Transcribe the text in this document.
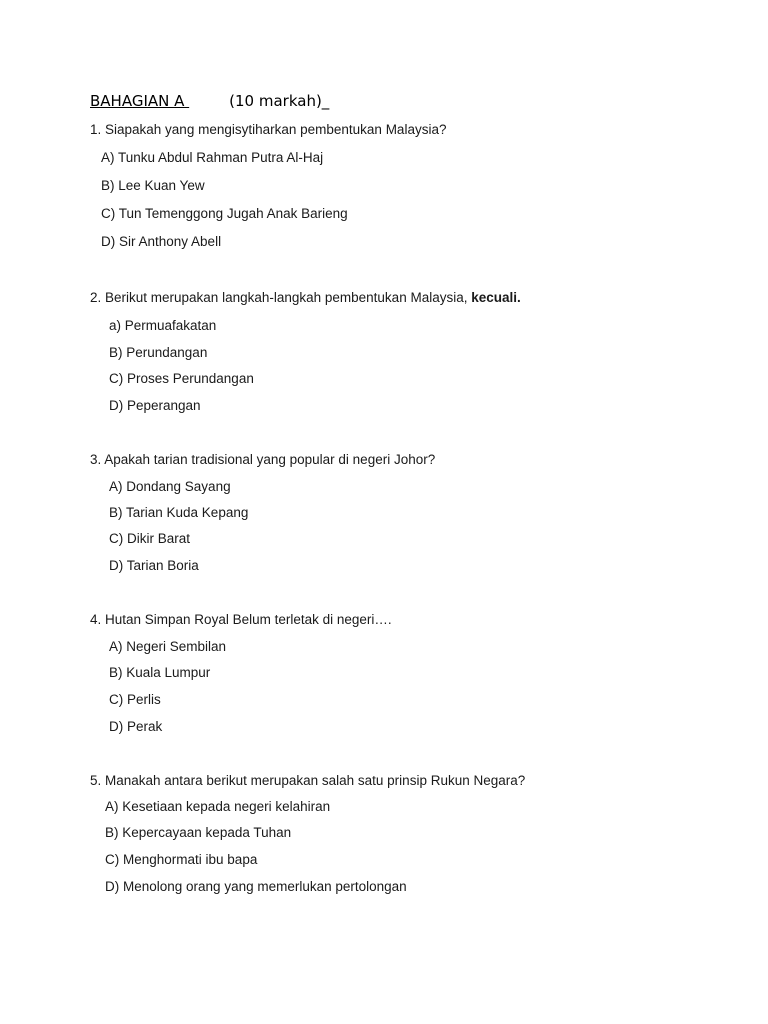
BAHAGIAN A	(10 markah)_
1. Siapakah yang mengisytiharkan pembentukan Malaysia?
A) Tunku Abdul Rahman Putra Al-Haj
B) Lee Kuan Yew
C) Tun Temenggong Jugah Anak Barieng
D) Sir Anthony Abell
2. Berikut merupakan langkah-langkah pembentukan Malaysia, kecuali.
a) Permuafakatan
B) Perundangan
C) Proses Perundangan
D) Peperangan
3. Apakah tarian tradisional yang popular di negeri Johor?
A) Dondang Sayang
B) Tarian Kuda Kepang
C) Dikir Barat
D) Tarian Boria
4. Hutan Simpan Royal Belum terletak di negeri….
A) Negeri Sembilan
B) Kuala Lumpur
C) Perlis
D) Perak
5. Manakah antara berikut merupakan salah satu prinsip Rukun Negara?
A) Kesetiaan kepada negeri kelahiran
B) Kepercayaan kepada Tuhan
C) Menghormati ibu bapa
D) Menolong orang yang memerlukan pertolongan
